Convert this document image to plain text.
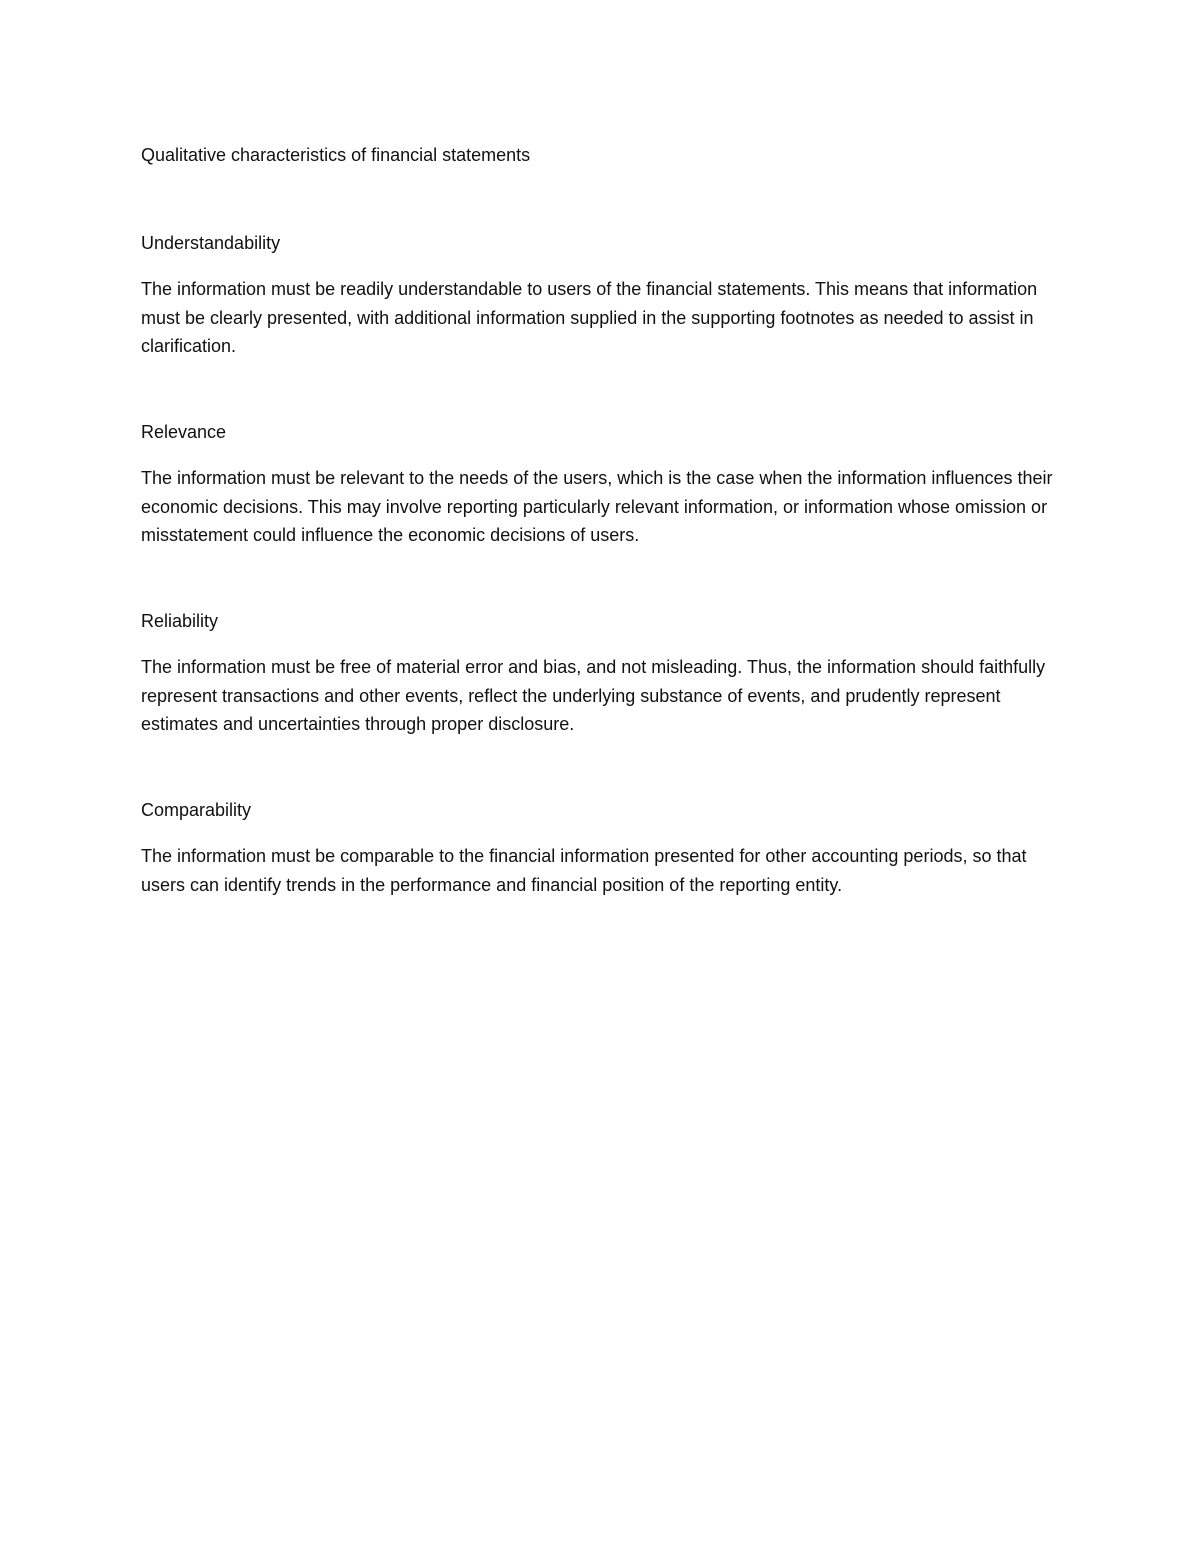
Qualitative characteristics of financial statements
Understandability

The information must be readily understandable to users of the financial statements. This means that information must be clearly presented, with additional information supplied in the supporting footnotes as needed to assist in clarification.

Relevance

The information must be relevant to the needs of the users, which is the case when the information influences their economic decisions. This may involve reporting particularly relevant information, or information whose omission or misstatement could influence the economic decisions of users.

Reliability

The information must be free of material error and bias, and not misleading. Thus, the information should faithfully represent transactions and other events, reflect the underlying substance of events, and prudently represent estimates and uncertainties through proper disclosure.

Comparability

The information must be comparable to the financial information presented for other accounting periods, so that users can identify trends in the performance and financial position of the reporting entity.
